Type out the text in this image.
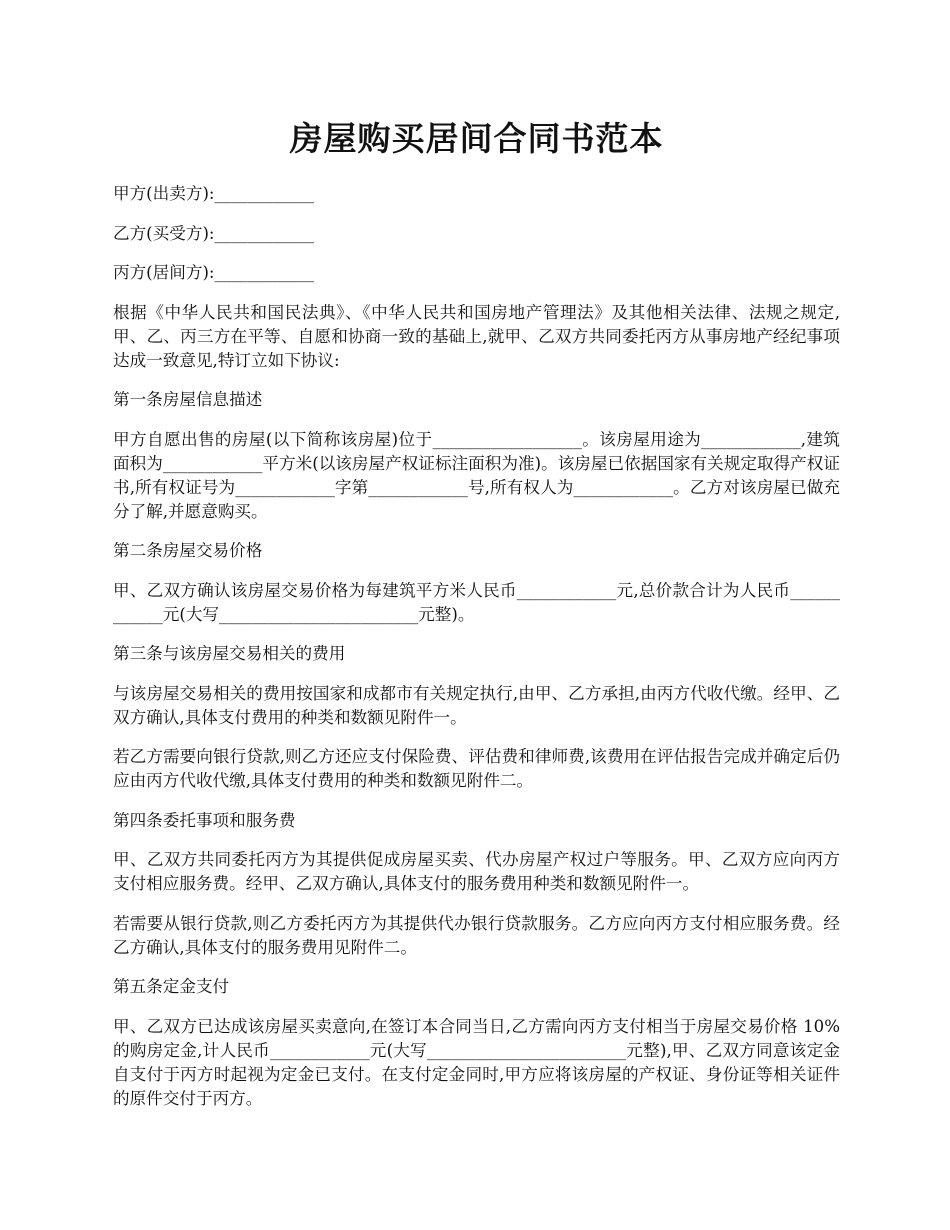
房屋购买居间合同书范本

甲方(出卖方):____________

乙方(买受方):____________

丙方(居间方):____________

根据《中华人民共和国民法典》、《中华人民共和国房地产管理法》及其他相关法律、法规之规定,甲、乙、丙三方在平等、自愿和协商一致的基础上,就甲、乙双方共同委托丙方从事房地产经纪事项达成一致意见,特订立如下协议:

第一条房屋信息描述

甲方自愿出售的房屋(以下简称该房屋)位于__________________。该房屋用途为____________,建筑面积为____________平方米(以该房屋产权证标注面积为准)。该房屋已依据国家有关规定取得产权证书,所有权证号为____________字第____________号,所有权人为____________。乙方对该房屋已做充分了解,并愿意购买。

第二条房屋交易价格

甲、乙双方确认该房屋交易价格为每建筑平方米人民币____________元,总价款合计为人民币____________元(大写________________________元整)。

第三条与该房屋交易相关的费用

与该房屋交易相关的费用按国家和成都市有关规定执行,由甲、乙方承担,由丙方代收代缴。经甲、乙双方确认,具体支付费用的种类和数额见附件一。

若乙方需要向银行贷款,则乙方还应支付保险费、评估费和律师费,该费用在评估报告完成并确定后仍应由丙方代收代缴,具体支付费用的种类和数额见附件二。

第四条委托事项和服务费

甲、乙双方共同委托丙方为其提供促成房屋买卖、代办房屋产权过户等服务。甲、乙双方应向丙方支付相应服务费。经甲、乙双方确认,具体支付的服务费用种类和数额见附件一。

若需要从银行贷款,则乙方委托丙方为其提供代办银行贷款服务。乙方应向丙方支付相应服务费。经乙方确认,具体支付的服务费用见附件二。

第五条定金支付

甲、乙双方已达成该房屋买卖意向,在签订本合同当日,乙方需向丙方支付相当于房屋交易价格 10%的购房定金,计人民币____________元(大写________________________元整),甲、乙双方同意该定金自支付于丙方时起视为定金已支付。在支付定金同时,甲方应将该房屋的产权证、身份证等相关证件的原件交付于丙方。
